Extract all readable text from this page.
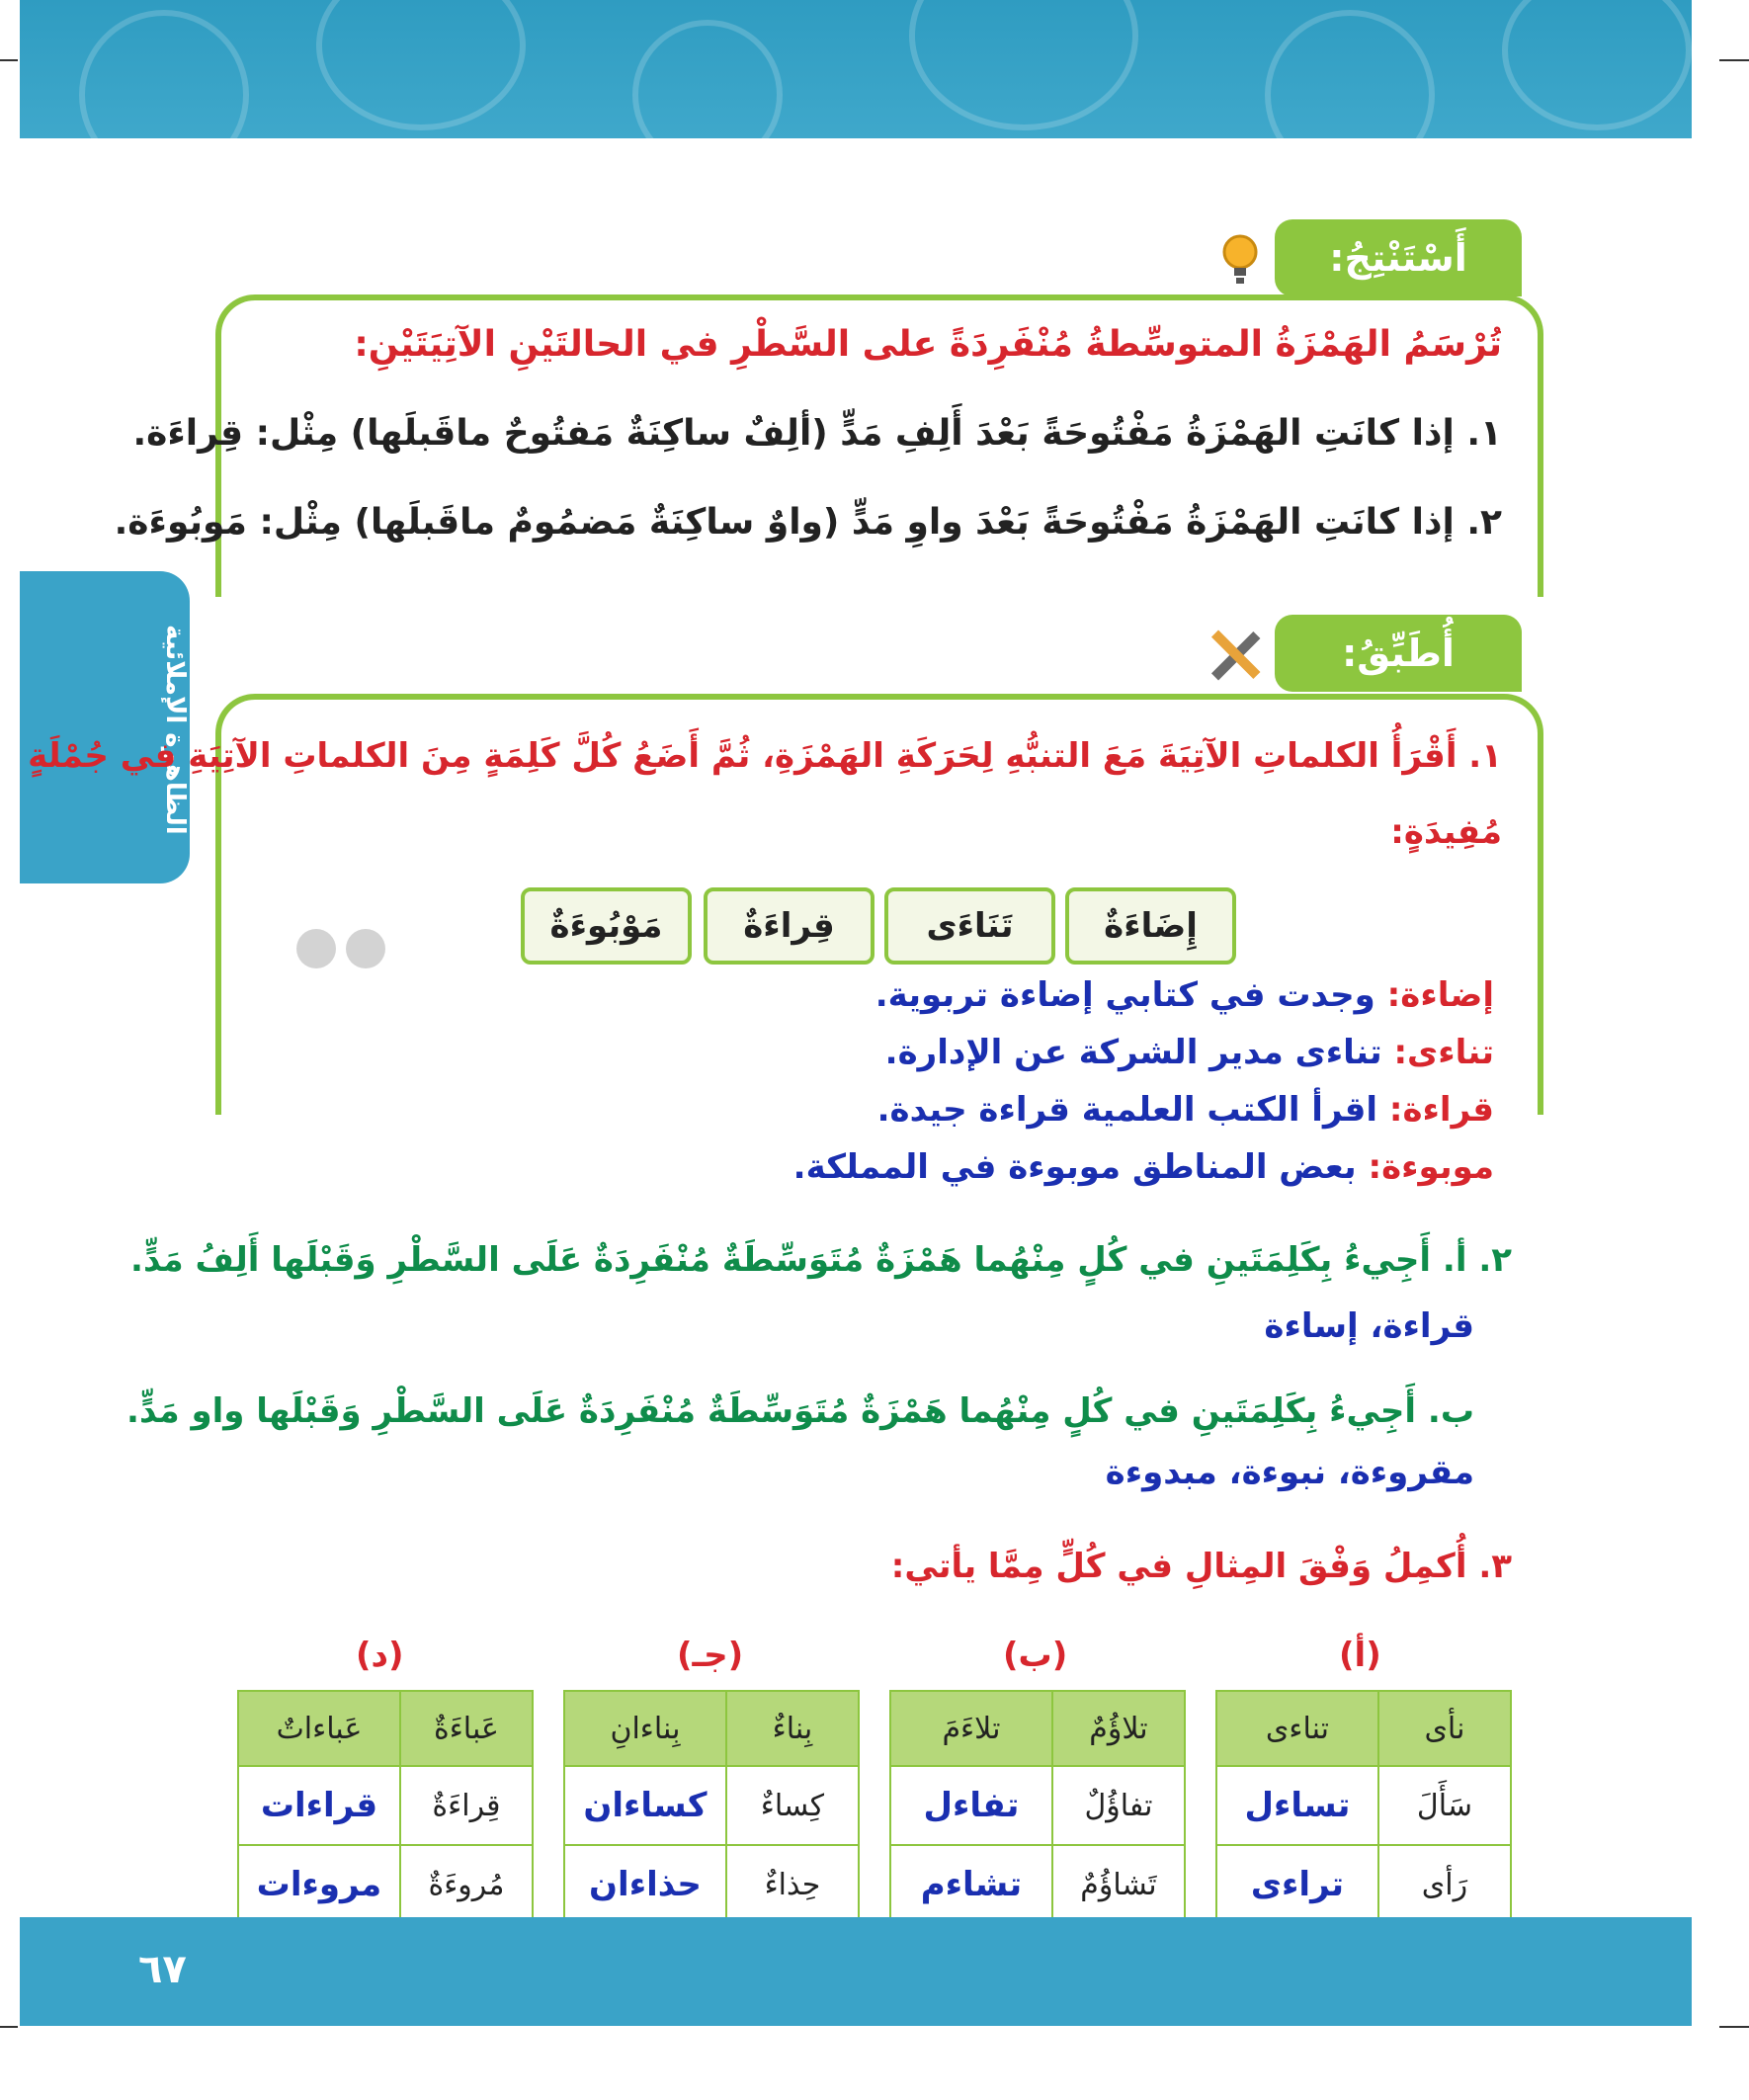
الظاهرة الإملائية
أَسْتَنْتِجُ:
تُرْسَمُ الهَمْزَةُ المتوسِّطةُ مُنْفَرِدَةً على السَّطْرِ في الحالتَيْنِ الآتِيَتَيْنِ:
١. إذا كانَتِ الهَمْزَةُ مَفْتُوحَةً بَعْدَ أَلِفِ مَدٍّ (ألِفٌ ساكِنَةٌ مَفتُوحٌ ماقَبلَها) مِثْل: قِراءَة.
٢. إذا كانَتِ الهَمْزَةُ مَفْتُوحَةً بَعْدَ واوِ مَدٍّ (واوٌ ساكِنَةٌ مَضمُومٌ ماقَبلَها) مِثْل: مَوبُوءَة.
أُطَبِّقُ:
١. أَقْرَأُ الكلماتِ الآتِيَةَ مَعَ التنبُّهِ لِحَرَكَةِ الهَمْزَةِ، ثُمَّ أَضَعُ كُلَّ كَلِمَةٍ مِنَ الكلماتِ الآتِيَةِ في جُمْلَةٍ
مُفِيدَةٍ:
إِضَاءَةٌ
تَنَاءَى
قِراءَةٌ
مَوْبُوءَةٌ
إضاءة: وجدت في كتابي إضاءة تربوية.
تناءى: تناءى مدير الشركة عن الإدارة.
قراءة: اقرأ الكتب العلمية قراءة جيدة.
موبوءة: بعض المناطق موبوءة في المملكة.
٢. أ. أَجِيءُ بِكَلِمَتَينِ في كُلٍ مِنْهُما هَمْزَةٌ مُتَوَسِّطَةٌ مُنْفَرِدَةٌ عَلَى السَّطْرِ وَقَبْلَها أَلِفُ مَدٍّ.
قراءة، إساءة
ب. أَجِيءُ بِكَلِمَتَينِ في كُلٍ مِنْهُما هَمْزَةٌ مُتَوَسِّطَةٌ مُنْفَرِدَةٌ عَلَى السَّطْرِ وَقَبْلَها واو مَدٍّ.
مقروءة، نبوءة، مبدوءة
٣. أُكمِلُ وَفْقَ المِثالِ في كُلٍّ مِمَّا يأتي:
(أ)
(ب)
(جـ)
(د)
نأى	تناءى
سَأَلَ	تساءل
رَأى	تراءى
تلاؤُمٌ	تلاءَمَ
تفاؤُلٌ	تفاءل
تَشاؤُمٌ	تشاءم
بِناءٌ	بِناءانِ
كِساءٌ	كساءان
حِذاءٌ	حذاءان
عَباءَةٌ	عَباءاتٌ
قِراءَةٌ	قراءات
مُروءَةٌ	مروءات
٦٧
